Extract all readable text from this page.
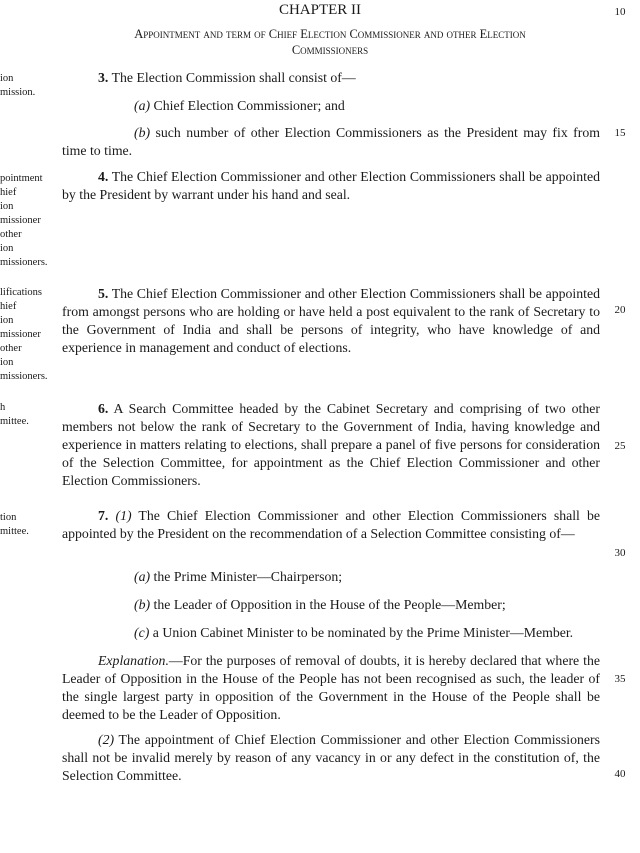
CHAPTER II
Appointment and term of Chief Election Commissioner and other Election
Commissioners
10
15
20
25
30
35
40
ion
mission.
pointment
hief
ion
missioner
other
ion
missioners.
lifications
hief
ion
missioner
other
ion
missioners.
h
mittee.
tion
mittee.

3. The Election Commission shall consist of—

(a) Chief Election Commissioner; and

(b) such number of other Election Commissioners as the President may fix from time to time.

4. The Chief Election Commissioner and other Election Commissioners shall be appointed by the President by warrant under his hand and seal.

5. The Chief Election Commissioner and other Election Commissioners shall be appointed from amongst persons who are holding or have held a post equivalent to the rank of Secretary to the Government of India and shall be persons of integrity, who have knowledge of and experience in management and conduct of elections.

6. A Search Committee headed by the Cabinet Secretary and comprising of two other members not below the rank of Secretary to the Government of India, having knowledge and experience in matters relating to elections, shall prepare a panel of five persons for consideration of the Selection Committee, for appointment as the Chief Election Commissioner and other Election Commissioners.

7. (1) The Chief Election Commissioner and other Election Commissioners shall be appointed by the President on the recommendation of a Selection Committee consisting of—

(a) the Prime Minister—Chairperson;

(b) the Leader of Opposition in the House of the People—Member;

(c) a Union Cabinet Minister to be nominated by the Prime Minister—Member.

Explanation.—For the purposes of removal of doubts, it is hereby declared that where the Leader of Opposition in the House of the People has not been recognised as such, the leader of the single largest party in opposition of the Government in the House of the People shall be deemed to be the Leader of Opposition.

(2) The appointment of Chief Election Commissioner and other Election Commissioners shall not be invalid merely by reason of any vacancy in or any defect in the constitution of, the Selection Committee.
